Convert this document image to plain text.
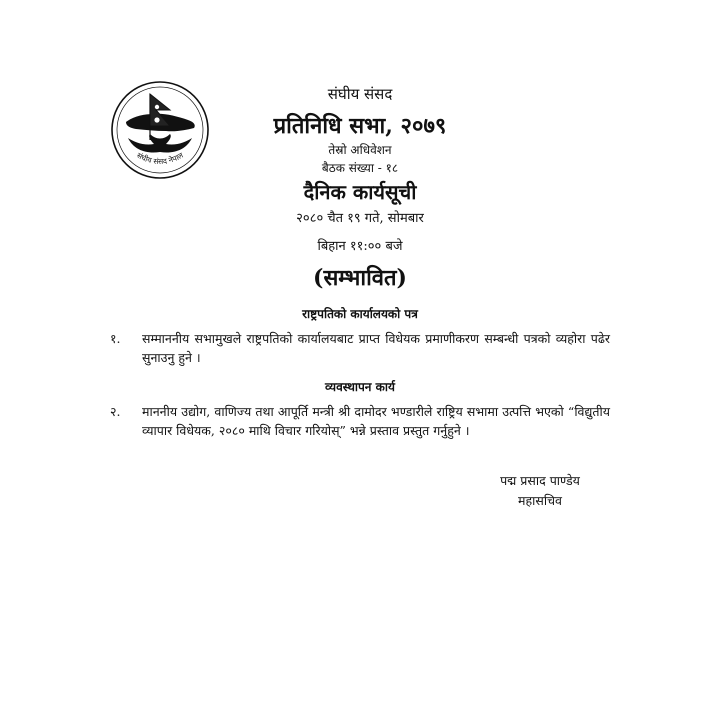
संघीय संसद नेपाल
संघीय संसद
प्रतिनिधि सभा, २०७९
तेस्रो अधिवेशन
बैठक संख्या - १८
दैनिक कार्यसूची
२०८० चैत १९ गते, सोमबार
बिहान ११:०० बजे
(सम्भावित)
राष्ट्रपतिको कार्यालयको पत्र
१.	सम्माननीय सभामुखले राष्ट्रपतिको कार्यालयबाट प्राप्त विधेयक प्रमाणीकरण सम्बन्धी पत्रको व्यहोरा पढेर सुनाउनु हुने ।
व्यवस्थापन कार्य
२.	माननीय उद्योग, वाणिज्य तथा आपूर्ति मन्त्री श्री दामोदर भण्डारीले राष्ट्रिय सभामा उत्पत्ति भएको “विद्युतीय व्यापार विधेयक, २०८० माथि विचार गरियोस्” भन्ने प्रस्ताव प्रस्तुत गर्नुहुने ।
पद्म प्रसाद पाण्डेय
महासचिव
